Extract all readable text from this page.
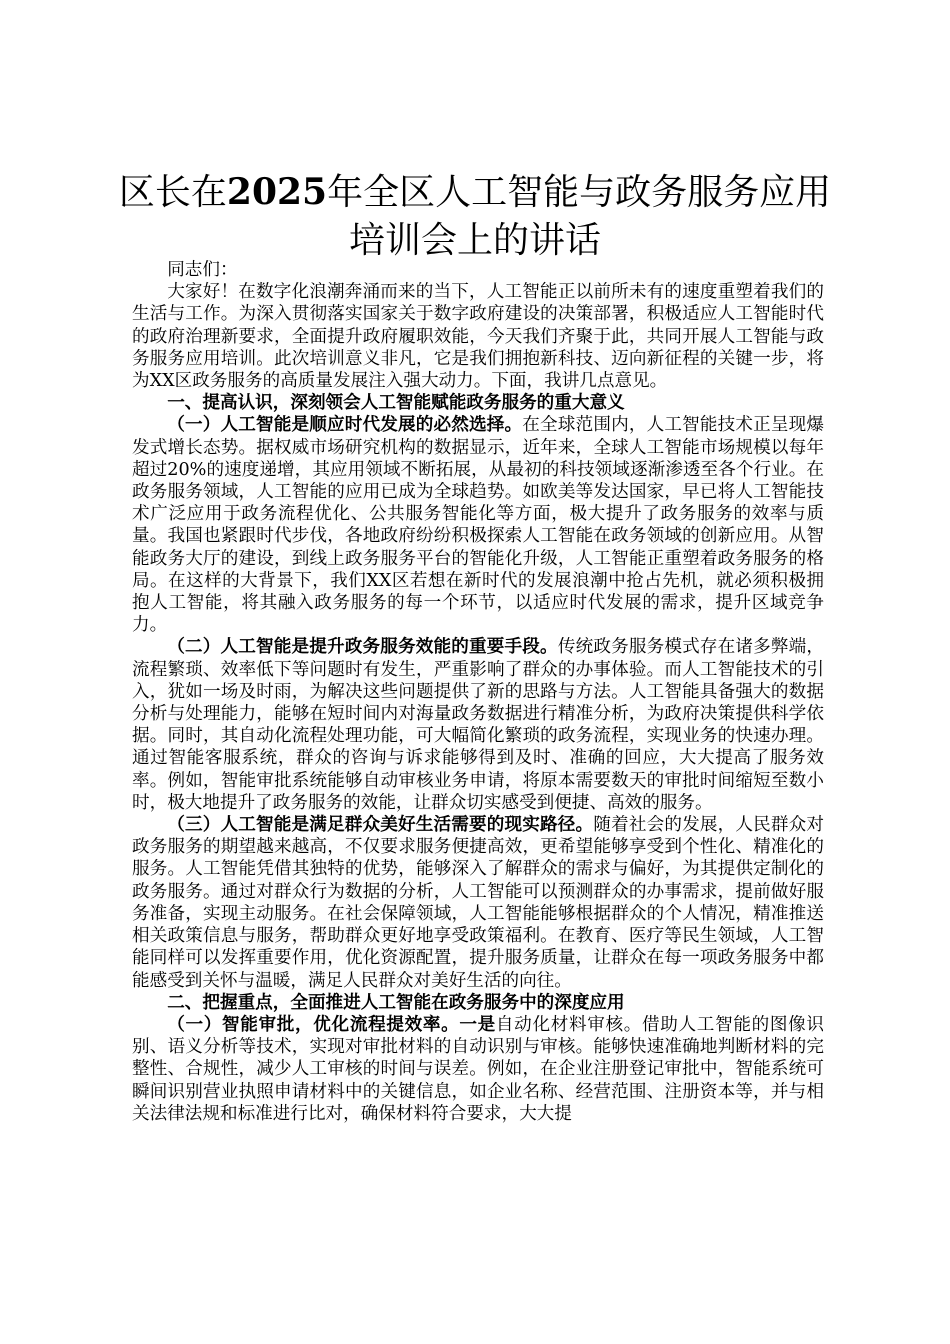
区长在2025年全区人工智能与政务服务应用
培训会上的讲话

同志们：

大家好！在数字化浪潮奔涌而来的当下，人工智能正以前所未有的速度重塑着我们的生活与工作。为深入贯彻落实国家关于数字政府建设的决策部署，积极适应人工智能时代的政府治理新要求，全面提升政府履职效能，今天我们齐聚于此，共同开展人工智能与政务服务应用培训。此次培训意义非凡，它是我们拥抱新科技、迈向新征程的关键一步，将为XX区政务服务的高质量发展注入强大动力。下面，我讲几点意见。

一、提高认识，深刻领会人工智能赋能政务服务的重大意义

（一）人工智能是顺应时代发展的必然选择。在全球范围内，人工智能技术正呈现爆发式增长态势。据权威市场研究机构的数据显示，近年来，全球人工智能市场规模以每年超过20%的速度递增，其应用领域不断拓展，从最初的科技领域逐渐渗透至各个行业。在政务服务领域，人工智能的应用已成为全球趋势。如欧美等发达国家，早已将人工智能技术广泛应用于政务流程优化、公共服务智能化等方面，极大提升了政务服务的效率与质量。我国也紧跟时代步伐，各地政府纷纷积极探索人工智能在政务领域的创新应用。从智能政务大厅的建设，到线上政务服务平台的智能化升级，人工智能正重塑着政务服务的格局。在这样的大背景下，我们XX区若想在新时代的发展浪潮中抢占先机，就必须积极拥抱人工智能，将其融入政务服务的每一个环节，以适应时代发展的需求，提升区域竞争力。

（二）人工智能是提升政务服务效能的重要手段。传统政务服务模式存在诸多弊端，流程繁琐、效率低下等问题时有发生，严重影响了群众的办事体验。而人工智能技术的引入，犹如一场及时雨，为解决这些问题提供了新的思路与方法。人工智能具备强大的数据分析与处理能力，能够在短时间内对海量政务数据进行精准分析，为政府决策提供科学依据。同时，其自动化流程处理功能，可大幅简化繁琐的政务流程，实现业务的快速办理。通过智能客服系统，群众的咨询与诉求能够得到及时、准确的回应，大大提高了服务效率。例如，智能审批系统能够自动审核业务申请，将原本需要数天的审批时间缩短至数小时，极大地提升了政务服务的效能，让群众切实感受到便捷、高效的服务。

（三）人工智能是满足群众美好生活需要的现实路径。随着社会的发展，人民群众对政务服务的期望越来越高，不仅要求服务便捷高效，更希望能够享受到个性化、精准化的服务。人工智能凭借其独特的优势，能够深入了解群众的需求与偏好，为其提供定制化的政务服务。通过对群众行为数据的分析，人工智能可以预测群众的办事需求，提前做好服务准备，实现主动服务。在社会保障领域，人工智能能够根据群众的个人情况，精准推送相关政策信息与服务，帮助群众更好地享受政策福利。在教育、医疗等民生领域，人工智能同样可以发挥重要作用，优化资源配置，提升服务质量，让群众在每一项政务服务中都能感受到关怀与温暖，满足人民群众对美好生活的向往。

二、把握重点，全面推进人工智能在政务服务中的深度应用

（一）智能审批，优化流程提效率。一是自动化材料审核。借助人工智能的图像识别、语义分析等技术，实现对审批材料的自动识别与审核。能够快速准确地判断材料的完整性、合规性，减少人工审核的时间与误差。例如，在企业注册登记审批中，智能系统可瞬间识别营业执照申请材料中的关键信息，如企业名称、经营范围、注册资本等，并与相关法律法规和标准进行比对，确保材料符合要求，大大提
